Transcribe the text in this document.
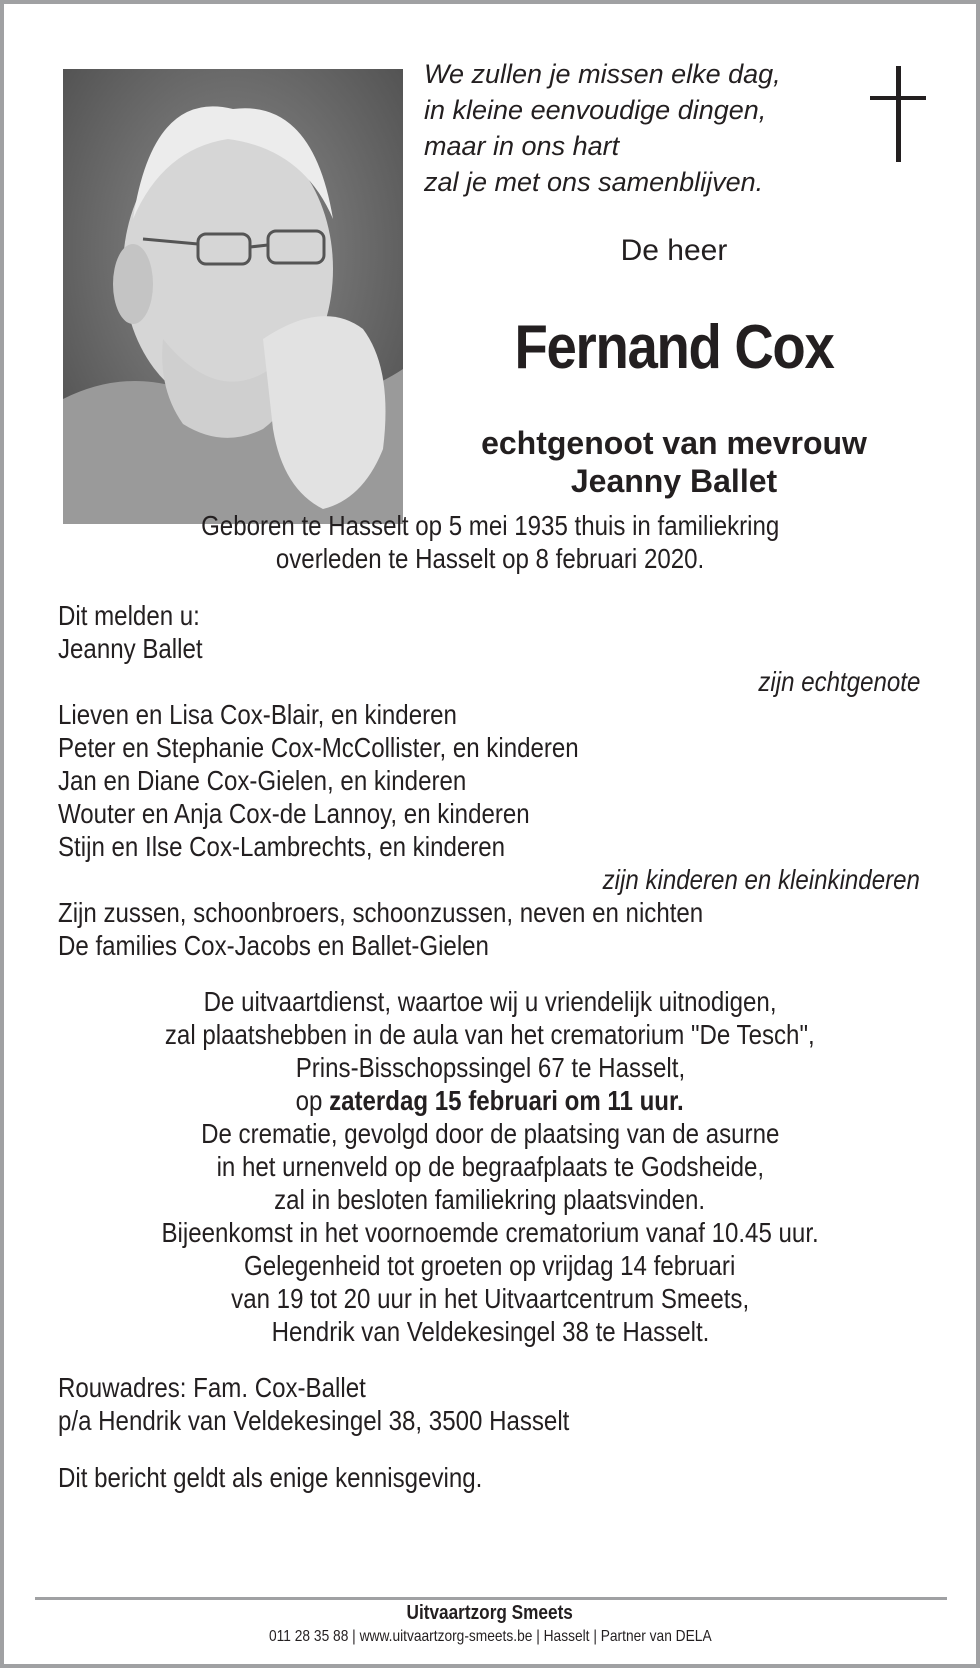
We zullen je missen elke dag,
in kleine eenvoudige dingen,
maar in ons hart
zal je met ons samenblijven.
De heer
Fernand Cox
echtgenoot van mevrouw
Jeanny Ballet
Geboren te Hasselt op 5 mei 1935 thuis in familiekring
overleden te Hasselt op 8 februari 2020.
Dit melden u:
Jeanny Ballet
zijn echtgenote
Lieven en Lisa Cox-Blair, en kinderen
Peter en Stephanie Cox-McCollister, en kinderen
Jan en Diane Cox-Gielen, en kinderen
Wouter en Anja Cox-de Lannoy, en kinderen
Stijn en Ilse Cox-Lambrechts, en kinderen
zijn kinderen en kleinkinderen
Zijn zussen, schoonbroers, schoonzussen, neven en nichten
De families Cox-Jacobs en Ballet-Gielen
De uitvaartdienst, waartoe wij u vriendelijk uitnodigen,
zal plaatshebben in de aula van het crematorium "De Tesch",
Prins-Bisschopssingel 67 te Hasselt,
op zaterdag 15 februari om 11 uur.
De crematie, gevolgd door de plaatsing van de asurne
in het urnenveld op de begraafplaats te Godsheide,
zal in besloten familiekring plaatsvinden.
Bijeenkomst in het voornoemde crematorium vanaf 10.45 uur.
Gelegenheid tot groeten op vrijdag 14 februari
van 19 tot 20 uur in het Uitvaartcentrum Smeets,
Hendrik van Veldekesingel 38 te Hasselt.
Rouwadres: Fam. Cox-Ballet
p/a Hendrik van Veldekesingel 38, 3500 Hasselt
Dit bericht geldt als enige kennisgeving.
Uitvaartzorg Smeets
011 28 35 88 | www.uitvaartzorg-smeets.be | Hasselt | Partner van DELA
